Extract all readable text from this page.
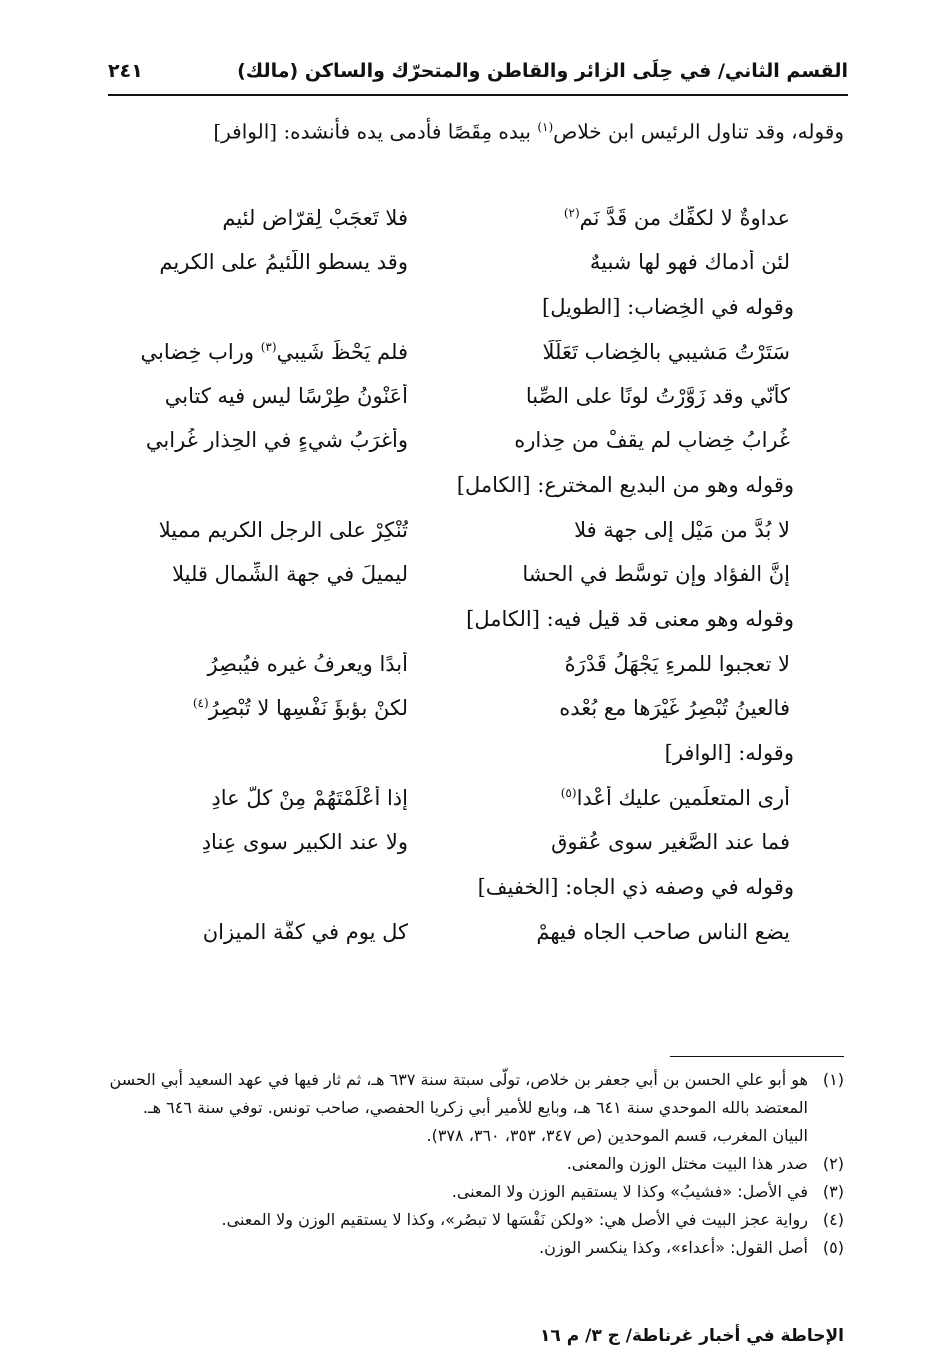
القسم الثاني/ في حِلَى الزائر والقاطن والمتحرّك والساكن (مالك)
٢٤١

وقوله، وقد تناول الرئيس ابن خلاص$^{(١)}$ بيده مِقَصًا فأدمى يده فأنشده: [الوافر]

عداوةٌ لا لكفِّك من قَدَّ نَمٍ$^{(٢)}$
فلا تَعجَبْ لِقرّاضٍ لئيمِ
لئن أدماك فهو لها شبيهٌ
وقد يسطو اللَّئيمُ على الكريمِ
وقوله في الخِضاب: [الطويل]
سَتَرْتُ مَشيبي بالخِضاب تَعَلُّلًا
فلم يَحْظَ شَيبي$^{(٣)}$ وراب خِضابي
كأنّي وقد زَوَّرْتُ لونًا على الصِّبا
أُعَنْوِنُ طِرْسًا ليس فيه كتابي
غُرابُ خِضابٍ لم يقفْ من حِذاره
وأغرَبُ شيءٍ في الحِذار غُرابي
وقوله وهو من البديع المخترع: [الكامل]
لا بُدَّ من مَيْلٍ إلى جهة فلا
تُنْكِرْ على الرجلِ الكريم مميلا
إنَّ الفؤاد وإن توسَّط في الحشا
ليميلَ في جهة الشِّمال قليلا
وقوله وهو معنى قد قيل فيه: [الكامل]
لا تعجبوا للمرءِ يَجْهَلُ قَدْرَهُ
أبدًا ويعرفُ غيره فيُبصِرُ
فالعينُ تُبْصِرُ غَيْرَها مع بُعْده
لكنْ بؤبؤَ نَفْسِها لا تُبْصِرُ$^{(٤)}$
وقوله: [الوافر]
أرى المتعلِّمين عليك أعْدا$^{(٥)}$
إذا أعْلَمْتَهُمْ مِنْ كلّ عادِ
فما عند الصَّغير سوى عُقوق
ولا عند الكبير سوى عِنادِ
وقوله في وصفه ذي الجاه: [الخفيف]
يضع الناس صاحب الجاه فيهمْ
كل يوم في كفَّة الميزانِ
(١)
هو أبو علي الحسن بن أبي جعفر بن خلاص، تولّى سبتة سنة ٦٣٧ هـ، ثم ثار فيها في عهد السعيد أبي الحسن المعتضد بالله الموحدي سنة ٦٤١ هـ، وبايع للأمير أبي زكريا الحفصي، صاحب تونس. توفي سنة ٦٤٦ هـ. البيان المغرب، قسم الموحدين (ص ٣٤٧، ٣٥٣، ٣٦٠، ٣٧٨).
(٢)
صدر هذا البيت مختل الوزن والمعنى.
(٣)
في الأصل: «فشيبُ» وكذا لا يستقيم الوزن ولا المعنى.
(٤)
رواية عجز البيت في الأصل هي: «ولكن نَفْسَها لا تبصُر»، وكذا لا يستقيم الوزن ولا المعنى.
(٥)
أصل القول: «أعداء»، وكذا ينكسر الوزن.
الإحاطة في أخبار غرناطة/ ج ٣/ م ١٦
